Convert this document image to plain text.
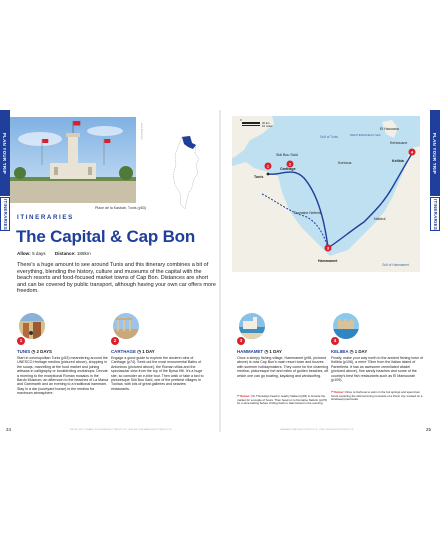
PLAN YOUR TRIP
ITINERARIES	Place de la Kasbah, Tunis (p53)
SHUTTERSTOCK
ITINERARIES
The Capital & Cap Bon
Allow: 5 days Distance: 188km
There's a huge amount to see around Tunis and this itinerary combines a bit of everything, blending the history, culture and museums of the capital with the beach resorts and food-focused market towns of Cap Bon. Distances are short and can be covered by public transport, although having your own car offers more freedom.
1
TUNIS ◷ 2 DAYS
Start in cosmopolitan Tunis (p53) meandering around the UNESCO Heritage medina (pictured above), shopping in the souqs, marvelling at the food market and joining artisans in calligraphy or bookbinding workshops. Devote a morning to the exceptional Roman mosaics in the Bardo Museum; an afternoon to the beaches of La Marsa and Gammarth and an evening to a traditional hammam. Stay in a dar (courtyard house) in the medina for maximum atmosphere.
2
CARTHAGE ◷ 1 DAY
Engage a good guide to explore the ancient ruins of Carthage (p74). Seek out the most monumental Baths of Antoninus (pictured above), the Roman villas and the spectacular view from the top of the Byrsa Hill. It's a huge site, so consider an e-bike tour. Then walk or take a taxi to picturesque Sidi Bou Saïd, one of the prettiest villages in Tunisia, with lots of great galleries and seaview restaurants.
24	FROM LEFT: FRANK FISCHER/SHUTTERSTOCK; NIKLAS SCHWARZ/SHUTTERSTOCK
PLAN YOUR TRIP
ITINERARIES
0
20 km
10 miles
Gulf of Tunis
Gulf of Hammamet
MEDITERRANEAN SEA
Tunis
Carthage
Sidi Bou Saïd
Hammamet
Kelibia
Nabeul
Domaine Neferis
Korbous
Kerkouane
El Haouaria
1	2
3
4
3
HAMMAMET ◷ 1 DAY
Once a sleepy fishing village, Hammamet (p96, pictured above) is now Cap Bon's main resort town and buzzes with summer holidaymakers. They come for the charming medina, picturesque fort and miles of golden beaches, off which one can go boating, kayaking and windsurfing.
↶ Detour: On Thursdays head to nearby Nabeul (p93) to browse the market for a couple of hours. Then head on to Domaine Neferis (p170) for a wine-tasting before circling back to Hammamet in the evening.
4
KELIBIA ◷ 1 DAY
Finally, make your way north to the ancient fishing town of Kelibia (p106), a mere 70km from the Italian island of Pantelleria. It has an awesome crenellated citadel (pictured above), fine sandy beaches and some of the country's best fish restaurants such as El Mansourah (p109).
↶ Detour: Drive to Korbous to swim in the hot springs and spend two hours exploring the wild surviving remnants of a Punic city, located on a windswept peninsula.
DREAMSTIME/SHUTTERSTOCK; ZHIS ZHUK/SHUTTERSTOCK	25
